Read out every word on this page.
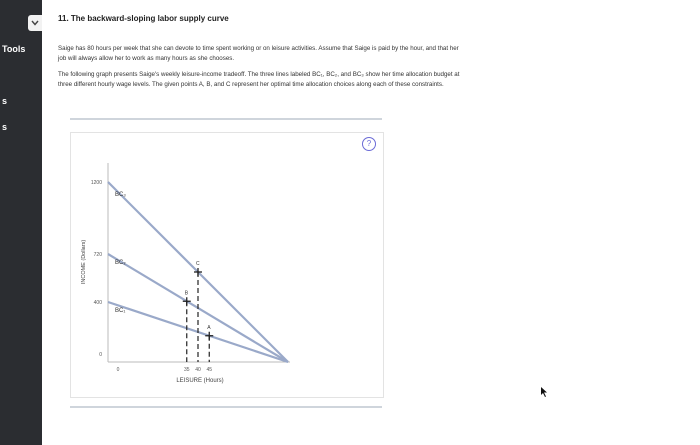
Tools
s
s
11. The backward-sloping labor supply curve
Saige has 80 hours per week that she can devote to time spent working or on leisure activities. Assume that Saige is paid by the hour, and that her
job will always allow her to work as many hours as she chooses.
The following graph presents Saige's weekly leisure-income tradeoff. The three lines labeled BC₁, BC₂, and BC₃ show her time allocation budget at
three different hourly wage levels. The given points A, B, and C represent her optimal time allocation choices along each of these constraints.
?
BC₃
BC₂
BC₁
A
B
C
1200
720
400
0
0	35 40 45
LEISURE (Hours)
INCOME (Dollars)
